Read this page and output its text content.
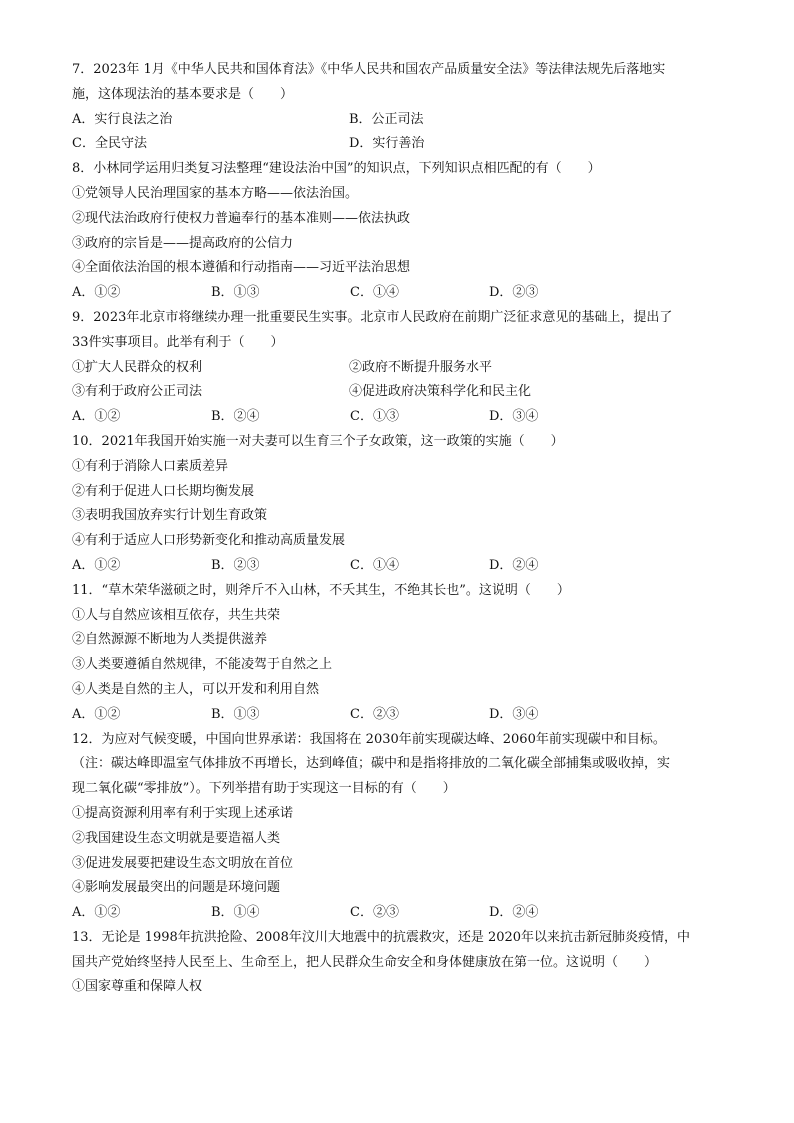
7．2023年 1月《中华人民共和国体育法》《中华人民共和国农产品质量安全法》等法律法规先后落地实
施，这体现法治的基本要求是（　　）
A．实行良法之治	B．公正司法
C．全民守法	D．实行善治
8．小林同学运用归类复习法整理“建设法治中国”的知识点，下列知识点相匹配的有（　　）
①党领导人民治理国家的基本方略——依法治国。
②现代法治政府行使权力普遍奉行的基本准则——依法执政
③政府的宗旨是——提高政府的公信力
④全面依法治国的根本遵循和行动指南——习近平法治思想
A．①②	B．①③	C．①④	D．②③
9．2023年北京市将继续办理一批重要民生实事。北京市人民政府在前期广泛征求意见的基础上，提出了
33件实事项目。此举有利于（　　）
①扩大人民群众的权利	②政府不断提升服务水平
③有利于政府公正司法	④促进政府决策科学化和民主化
A．①②	B．②④	C．①③	D．③④
10．2021年我国开始实施一对夫妻可以生育三个子女政策，这一政策的实施（　　）
①有利于消除人口素质差异
②有利于促进人口长期均衡发展
③表明我国放弃实行计划生育政策
④有利于适应人口形势新变化和推动高质量发展
A．①②	B．②③	C．①④	D．②④
11．“草木荣华滋硕之时，则斧斤不入山林，不夭其生，不绝其长也”。这说明（　　）
①人与自然应该相互依存，共生共荣
②自然源源不断地为人类提供滋养
③人类要遵循自然规律，不能凌驾于自然之上
④人类是自然的主人，可以开发和利用自然
A．①②	B．①③	C．②③	D．③④
12．为应对气候变暖，中国向世界承诺：我国将在 2030年前实现碳达峰、2060年前实现碳中和目标。
（注：碳达峰即温室气体排放不再增长，达到峰值；碳中和是指将排放的二氧化碳全部捕集或吸收掉，实
现二氧化碳“零排放”）。下列举措有助于实现这一目标的有（　　）
①提高资源利用率有利于实现上述承诺
②我国建设生态文明就是要造福人类
③促进发展要把建设生态文明放在首位
④影响发展最突出的问题是环境问题
A．①②	B．①④	C．②③	D．②④
13．无论是 1998年抗洪抢险、2008年汶川大地震中的抗震救灾，还是 2020年以来抗击新冠肺炎疫情，中
国共产党始终坚持人民至上、生命至上，把人民群众生命安全和身体健康放在第一位。这说明（　　）
①国家尊重和保障人权
